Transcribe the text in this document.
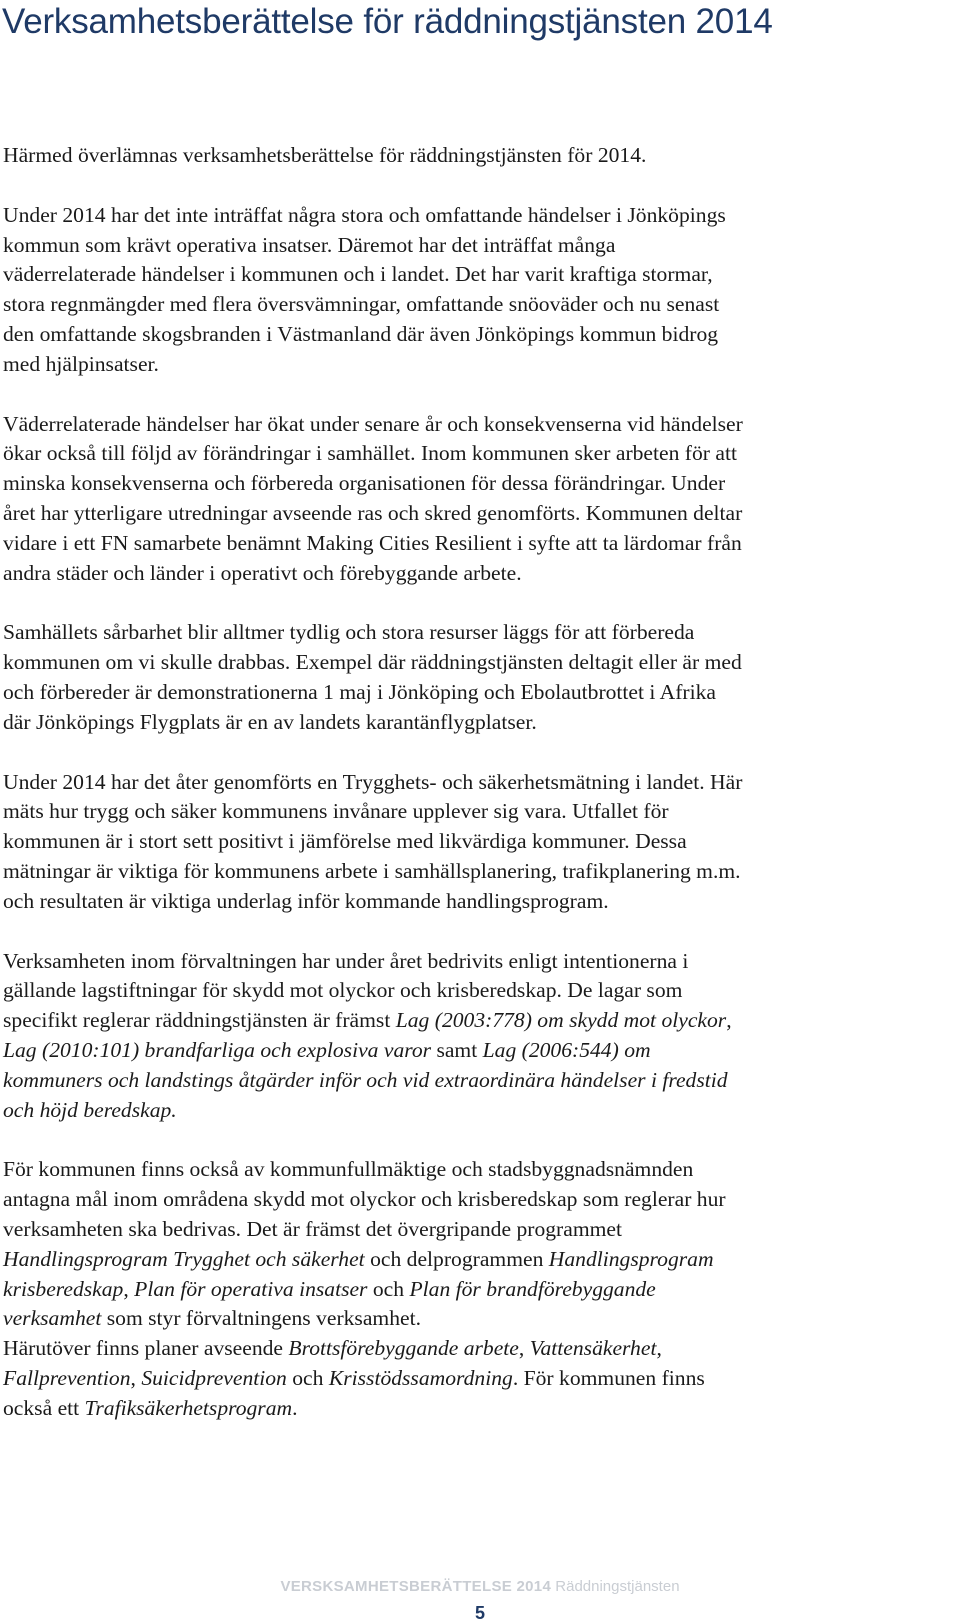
Verksamhetsberättelse för räddningstjänsten 2014

Härmed överlämnas verksamhetsberättelse för räddningstjänsten för 2014.

Under 2014 har det inte inträffat några stora och omfattande händelser i Jönköpings
kommun som krävt operativa insatser. Däremot har det inträffat många
väderrelaterade händelser i kommunen och i landet. Det har varit kraftiga stormar,
stora regnmängder med flera översvämningar, omfattande snöoväder och nu senast
den omfattande skogsbranden i Västmanland där även Jönköpings kommun bidrog
med hjälpinsatser.

Väderrelaterade händelser har ökat under senare år och konsekvenserna vid händelser
ökar också till följd av förändringar i samhället. Inom kommunen sker arbeten för att
minska konsekvenserna och förbereda organisationen för dessa förändringar. Under
året har ytterligare utredningar avseende ras och skred genomförts. Kommunen deltar
vidare i ett FN samarbete benämnt Making Cities Resilient i syfte att ta lärdomar från
andra städer och länder i operativt och förebyggande arbete.

Samhällets sårbarhet blir alltmer tydlig och stora resurser läggs för att förbereda
kommunen om vi skulle drabbas. Exempel där räddningstjänsten deltagit eller är med
och förbereder är demonstrationerna 1 maj i Jönköping och Ebolautbrottet i Afrika
där Jönköpings Flygplats är en av landets karantänflygplatser.

Under 2014 har det åter genomförts en Trygghets- och säkerhetsmätning i landet. Här
mäts hur trygg och säker kommunens invånare upplever sig vara. Utfallet för
kommunen är i stort sett positivt i jämförelse med likvärdiga kommuner. Dessa
mätningar är viktiga för kommunens arbete i samhällsplanering, trafikplanering m.m.
och resultaten är viktiga underlag inför kommande handlingsprogram.

Verksamheten inom förvaltningen har under året bedrivits enligt intentionerna i
gällande lagstiftningar för skydd mot olyckor och krisberedskap. De lagar som
specifikt reglerar räddningstjänsten är främst Lag (2003:778) om skydd mot olyckor,
Lag (2010:101) brandfarliga och explosiva varor samt Lag (2006:544) om
kommuners och landstings åtgärder inför och vid extraordinära händelser i fredstid
och höjd beredskap.

För kommunen finns också av kommunfullmäktige och stadsbyggnadsnämnden
antagna mål inom områdena skydd mot olyckor och krisberedskap som reglerar hur
verksamheten ska bedrivas. Det är främst det övergripande programmet
Handlingsprogram Trygghet och säkerhet och delprogrammen Handlingsprogram
krisberedskap, Plan för operativa insatser och Plan för brandförebyggande
verksamhet som styr förvaltningens verksamhet.

Härutöver finns planer avseende Brottsförebyggande arbete, Vattensäkerhet,
Fallprevention, Suicidprevention och Krisstödssamordning. För kommunen finns
också ett Trafiksäkerhetsprogram.

VERSKSAMHETSBERÄTTELSE 2014 Räddningstjänsten
5
